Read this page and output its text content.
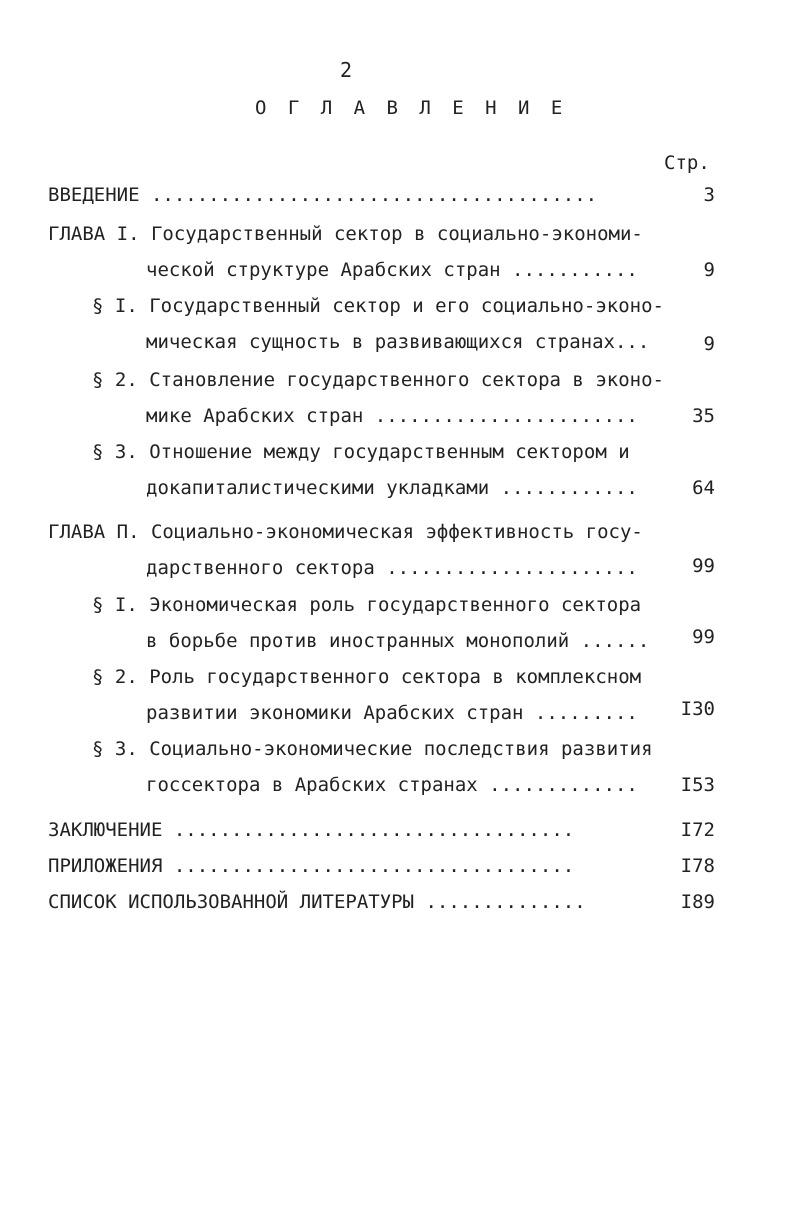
2
О Г Л А В Л Е Н И Е
Стр.
ВВЕДЕНИЕ .......................................	3
ГЛАВА I. Государственный сектор в социально-экономи-
ческой структуре Арабских стран ...........	9
§ I. Государственный сектор и его социально-эконо-
мическая сущность в развивающихся странах...	9
§ 2. Становление государственного сектора в эконо-
мике Арабских стран .......................	35
§ 3. Отношение между государственным сектором и
докапиталистическими укладками ............	64
ГЛАВА П. Социально-экономическая эффективность госу-
дарственного сектора ......................	99
§ I. Экономическая роль государственного сектора
в борьбе против иностранных монополий ......	99
§ 2. Роль государственного сектора в комплексном
развитии экономики Арабских стран .........	I30
§ 3. Социально-экономические последствия развития
госсектора в Арабских странах .............	I53
ЗАКЛЮЧЕНИЕ ...................................	I72
ПРИЛОЖЕНИЯ ...................................	I78
СПИСОК ИСПОЛЬЗОВАННОЙ ЛИТЕРАТУРЫ ..............	I89
